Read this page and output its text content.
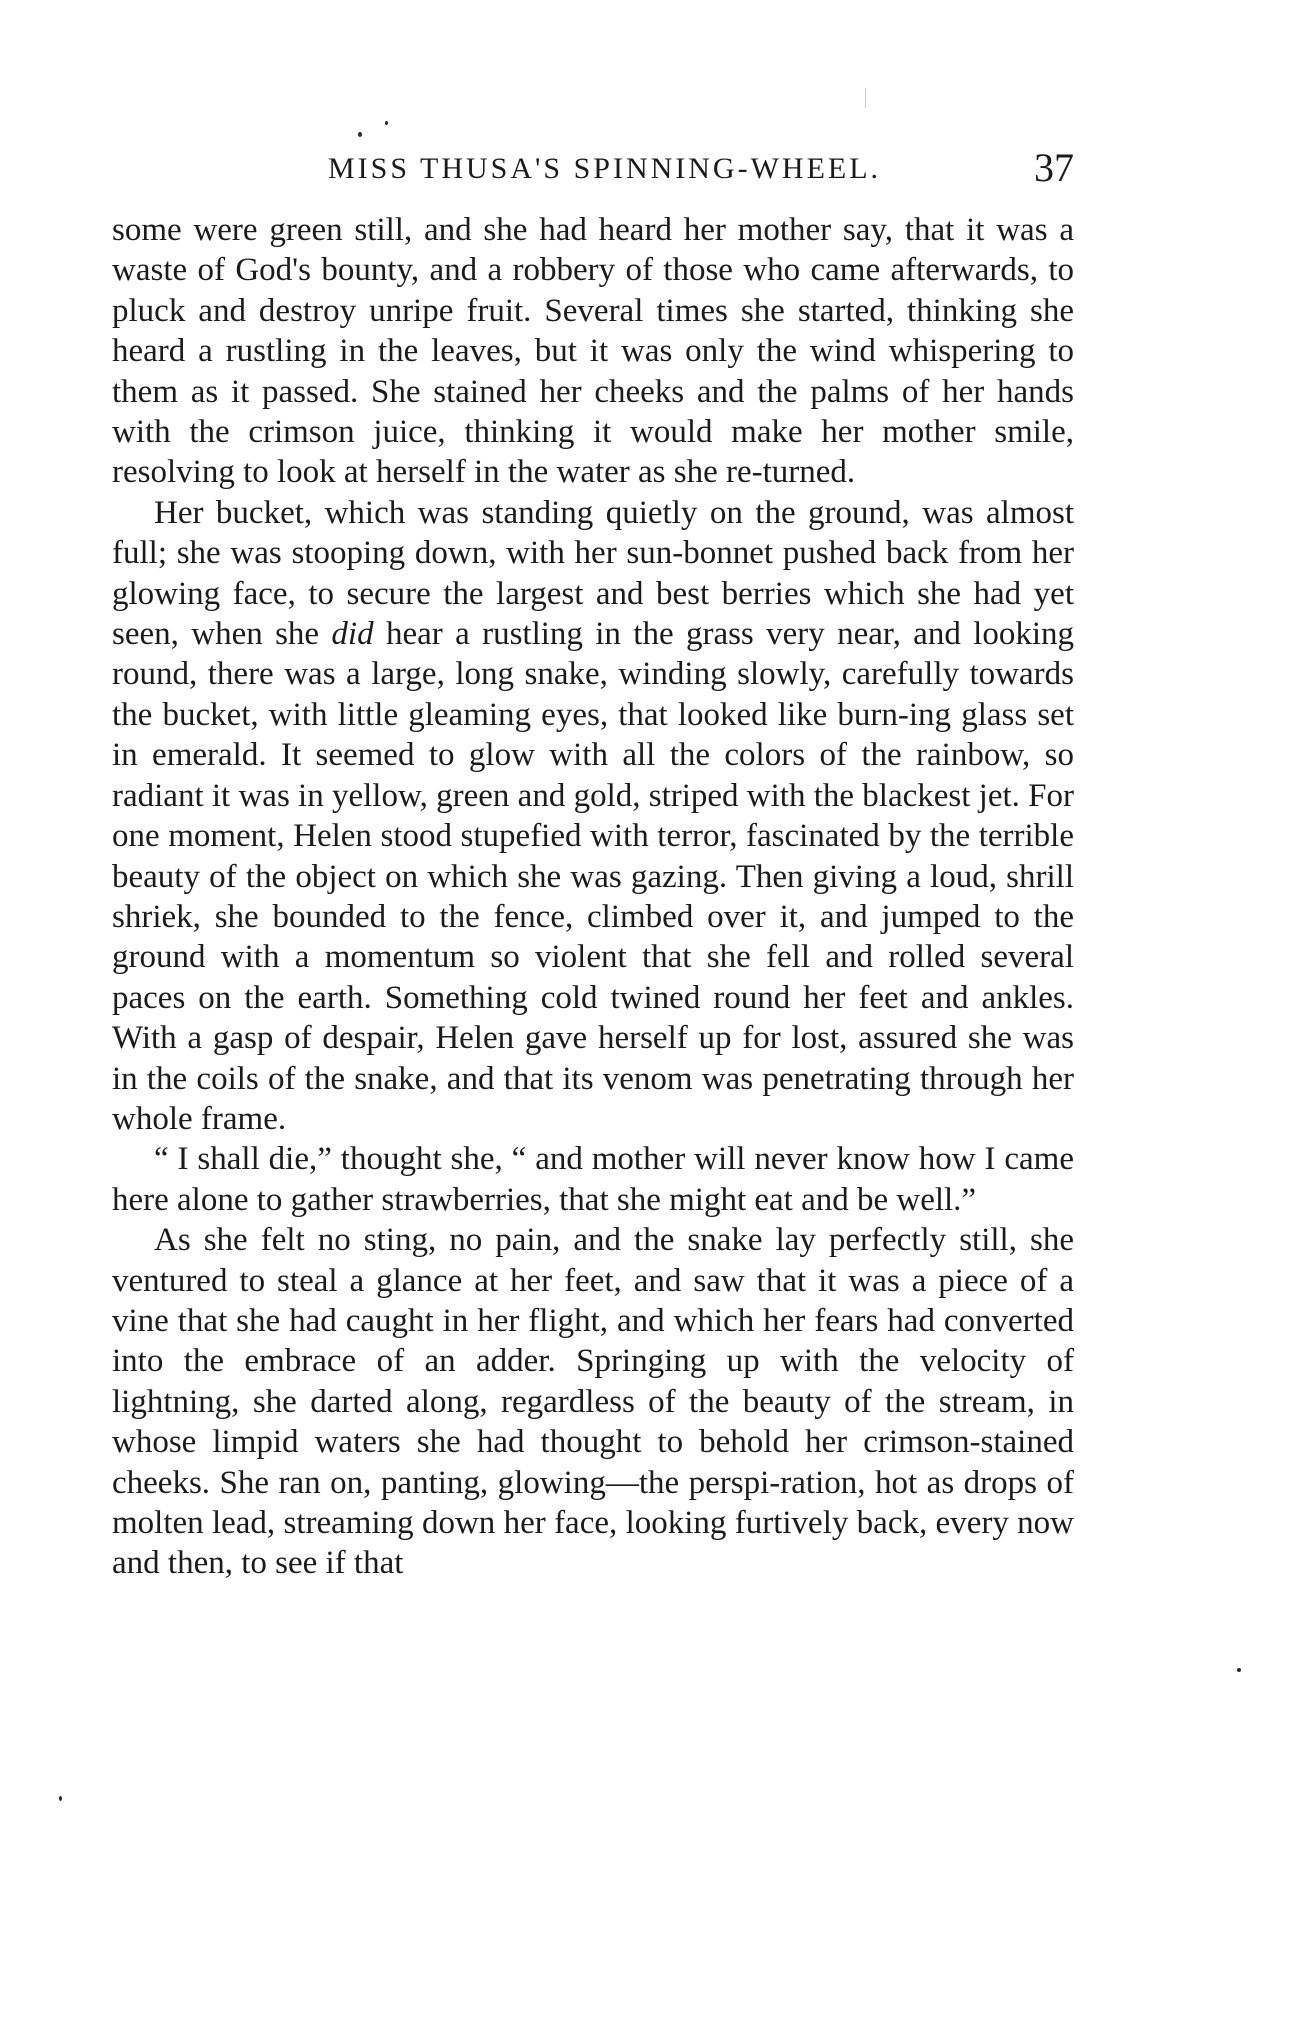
MISS THUSA'S SPINNING-WHEEL.	37

some were green still, and she had heard her mother say, that it was a waste of God's bounty, and a robbery of those who came afterwards, to pluck and destroy unripe fruit. Several times she started, thinking she heard a rustling in the leaves, but it was only the wind whispering to them as it passed. She stained her cheeks and the palms of her hands with the crimson juice, thinking it would make her mother smile, resolving to look at herself in the water as she re-turned.

Her bucket, which was standing quietly on the ground, was almost full; she was stooping down, with her sun-bonnet pushed back from her glowing face, to secure the largest and best berries which she had yet seen, when she did hear a rustling in the grass very near, and looking round, there was a large, long snake, winding slowly, carefully towards the bucket, with little gleaming eyes, that looked like burn-ing glass set in emerald. It seemed to glow with all the colors of the rainbow, so radiant it was in yellow, green and gold, striped with the blackest jet. For one moment, Helen stood stupefied with terror, fascinated by the terrible beauty of the object on which she was gazing. Then giving a loud, shrill shriek, she bounded to the fence, climbed over it, and jumped to the ground with a momentum so violent that she fell and rolled several paces on the earth. Something cold twined round her feet and ankles. With a gasp of despair, Helen gave herself up for lost, assured she was in the coils of the snake, and that its venom was penetrating through her whole frame.

“ I shall die,” thought she, “ and mother will never know how I came here alone to gather strawberries, that she might eat and be well.”

As she felt no sting, no pain, and the snake lay perfectly still, she ventured to steal a glance at her feet, and saw that it was a piece of a vine that she had caught in her flight, and which her fears had converted into the embrace of an adder. Springing up with the velocity of lightning, she darted along, regardless of the beauty of the stream, in whose limpid waters she had thought to behold her crimson-stained cheeks. She ran on, panting, glowing—the perspi-ration, hot as drops of molten lead, streaming down her face, looking furtively back, every now and then, to see if that
